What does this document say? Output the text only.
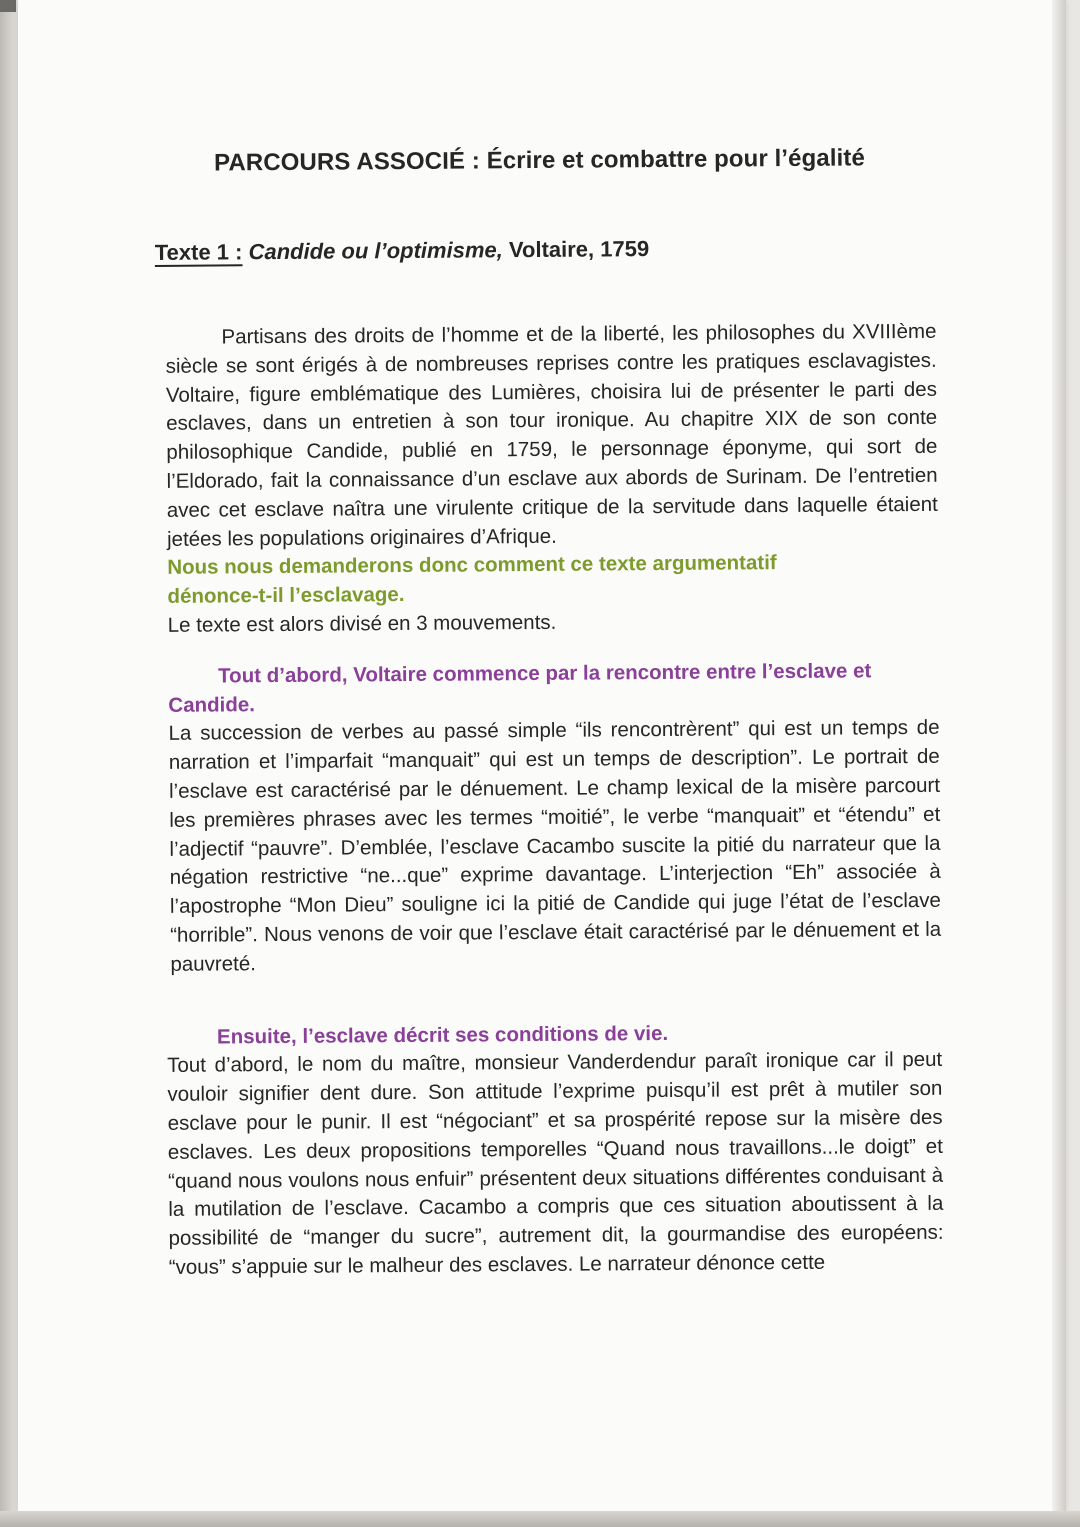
PARCOURS ASSOCIÉ : Écrire et combattre pour l’égalité
Texte 1 : Candide ou l’optimisme, Voltaire, 1759
Partisans des droits de l’homme et de la liberté, les philosophes du XVIIIème siècle se sont érigés à de nombreuses reprises contre les pratiques esclavagistes. Voltaire, figure emblématique des Lumières, choisira lui de présenter le parti des esclaves, dans un entretien à son tour ironique. Au chapitre XIX de son conte philosophique Candide, publié en 1759, le personnage éponyme, qui sort de l’Eldorado, fait la connaissance d’un esclave aux abords de Surinam. De l’entretien avec cet esclave naîtra une virulente critique de la servitude dans laquelle étaient jetées les populations originaires d’Afrique.
Nous nous demanderons donc comment ce texte argumentatif dénonce-t-il l’esclavage.
Le texte est alors divisé en 3 mouvements.
Tout d’abord, Voltaire commence par la rencontre entre l’esclave et Candide.
La succession de verbes au passé simple “ils rencontrèrent” qui est un temps de narration et l’imparfait “manquait” qui est un temps de description”. Le portrait de l’esclave est caractérisé par le dénuement. Le champ lexical de la misère parcourt les premières phrases avec les termes “moitié”, le verbe “manquait” et “étendu” et l’adjectif “pauvre”. D’emblée, l’esclave Cacambo suscite la pitié du narrateur que la négation restrictive “ne...que” exprime davantage. L’interjection “Eh” associée à l’apostrophe “Mon Dieu” souligne ici la pitié de Candide qui juge l’état de l’esclave “horrible”. Nous venons de voir que l’esclave était caractérisé par le dénuement et la pauvreté.
Ensuite, l’esclave décrit ses conditions de vie.
Tout d’abord, le nom du maître, monsieur Vanderdendur paraît ironique car il peut vouloir signifier dent dure. Son attitude l’exprime puisqu’il est prêt à mutiler son esclave pour le punir. Il est “négociant” et sa prospérité repose sur la misère des esclaves. Les deux propositions temporelles “Quand nous travaillons...le doigt” et “quand nous voulons nous enfuir” présentent deux situations différentes conduisant à la mutilation de l’esclave. Cacambo a compris que ces situation aboutissent à la possibilité de “manger du sucre”, autrement dit, la gourmandise des européens: “vous” s’appuie sur le malheur des esclaves. Le narrateur dénonce cette
